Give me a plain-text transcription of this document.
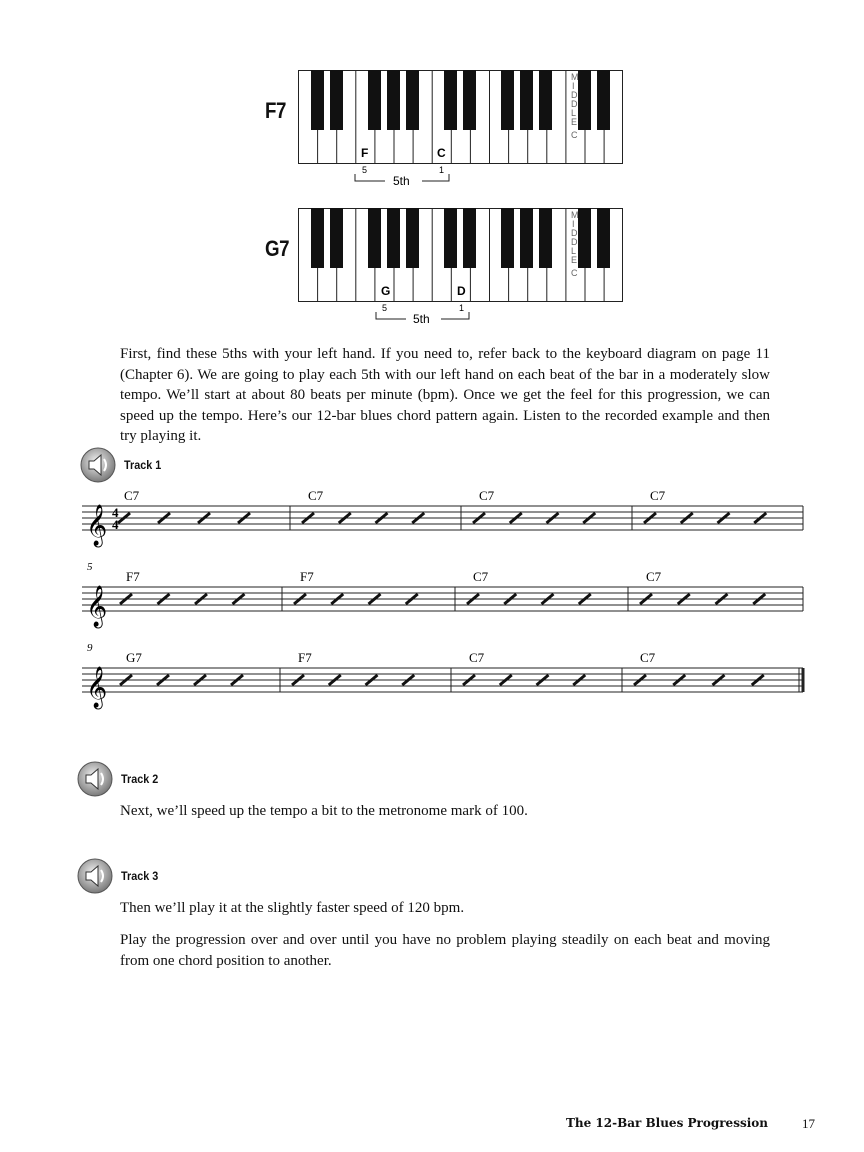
F7
M
I
D
D
L
E
C
F	C
5	1
5th
G7
M
I
D
D
L
E
C
G	D
5	1
5th

First, find these 5ths with your left hand. If you need to, refer back to the keyboard diagram on page 11 (Chapter 6). We are going to play each 5th with our left hand on each beat of the bar in a moderately slow tempo. We’ll start at about 80 beats per minute (bpm). Once we get the feel for this progression, we can speed up the tempo. Here’s our 12-bar blues chord pattern again. Listen to the recorded example and then try playing it.

Track 1
𝄞 4
4
C7	C7	C7	C7
𝄞
5
F7	F7	C7	C7
𝄞
9
G7	F7	C7	C7
Track 2

Next, we’ll speed up the tempo a bit to the metronome mark of 100.

Track 3

Then we’ll play it at the slightly faster speed of 120 bpm.

Play the progression over and over until you have no problem playing steadily on each beat and moving from one chord position to another.

The 12-Bar Blues Progression	17
